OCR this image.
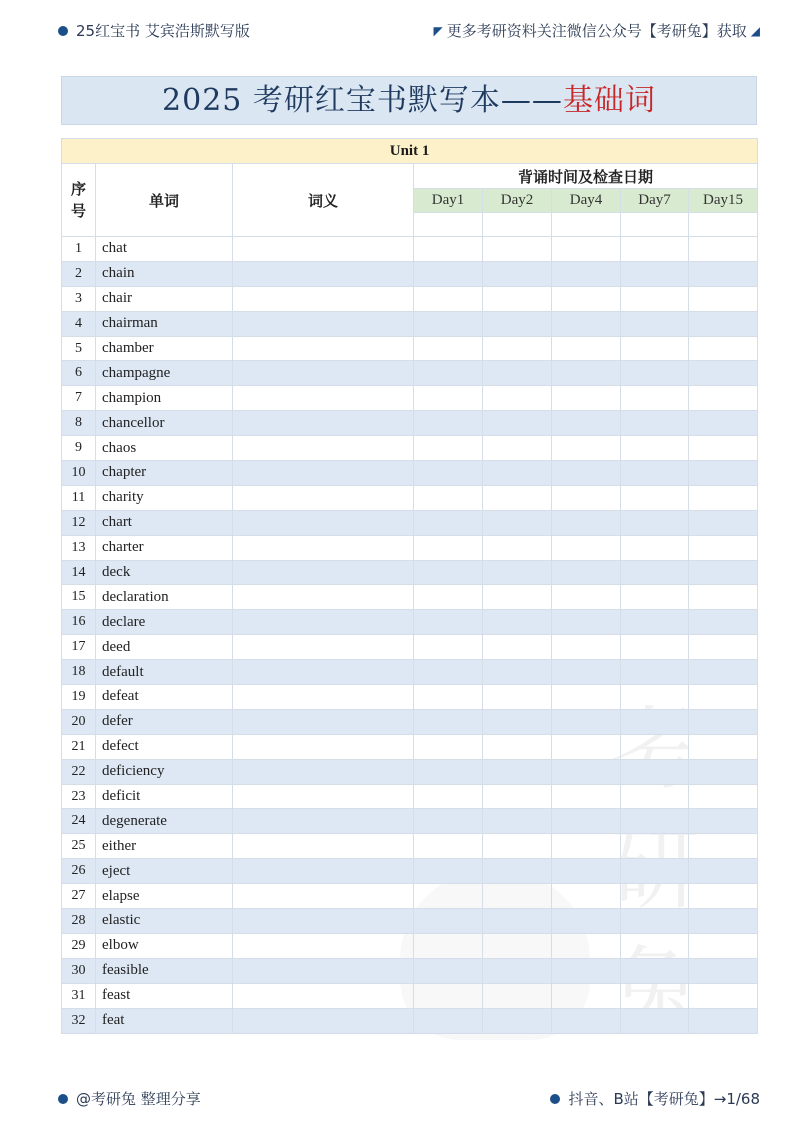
25红宝书 艾宾浩斯默写版	◤ 更多考研资料关注微信公众号【考研兔】获取 ◢
2025 考研红宝书默写本——基础词
考 兔
Unit 1							
序号	单词	词义	背诵时间及检查日期				
			Day1	Day2	Day4	Day7	Day15

1	chat						
2	chain						
3	chair						
4	chairman						
5	chamber						
6	champagne						
7	champion						
8	chancellor						
9	chaos						
10	chapter						
11	charity						
12	chart						
13	charter						
14	deck						
15	declaration						
16	declare						
17	deed						
18	default						
19	defeat						
20	defer						
21	defect						
22	deficiency						
23	deficit						
24	degenerate						
25	either						
26	eject						
27	elapse						
28	elastic						
29	elbow						
30	feasible						
31	feast						
32	feat						
@考研兔 整理分享	抖音、B站【考研兔】→1/68
